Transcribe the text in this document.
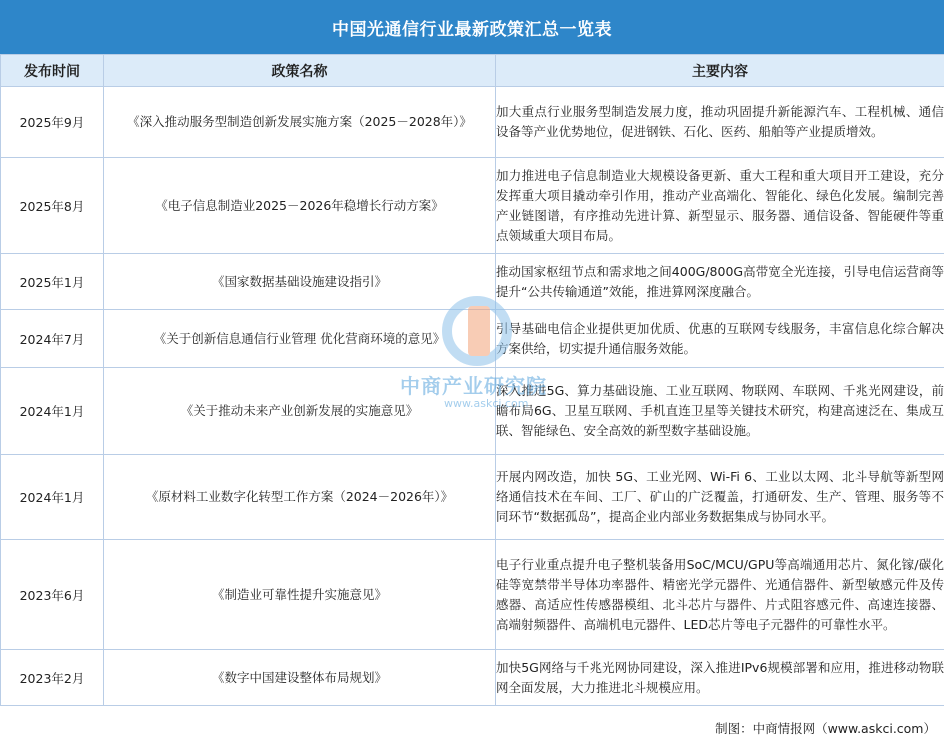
中国光通信行业最新政策汇总一览表
发布时间	政策名称	主要内容
2025年9月	《深入推动服务型制造创新发展实施方案（2025－2028年）》	加大重点行业服务型制造发展力度，推动巩固提升新能源汽车、工程机械、通信设备等产业优势地位，促进钢铁、石化、医药、船舶等产业提质增效。
2025年8月	《电子信息制造业2025－2026年稳增长行动方案》	加力推进电子信息制造业大规模设备更新、重大工程和重大项目开工建设，充分发挥重大项目撬动牵引作用，推动产业高端化、智能化、绿色化发展。编制完善产业链图谱，有序推动先进计算、新型显示、服务器、通信设备、智能硬件等重点领域重大项目布局。
2025年1月	《国家数据基础设施建设指引》	推动国家枢纽节点和需求地之间400G/800G高带宽全光连接，引导电信运营商等提升“公共传输通道”效能，推进算网深度融合。
2024年7月	《关于创新信息通信行业管理 优化营商环境的意见》	引导基础电信企业提供更加优质、优惠的互联网专线服务，丰富信息化综合解决方案供给，切实提升通信服务效能。
2024年1月	《关于推动未来产业创新发展的实施意见》	深入推进5G、算力基础设施、工业互联网、物联网、车联网、千兆光网建设，前瞻布局6G、卫星互联网、手机直连卫星等关键技术研究，构建高速泛在、集成互联、智能绿色、安全高效的新型数字基础设施。
2024年1月	《原材料工业数字化转型工作方案（2024－2026年）》	开展内网改造，加快 5G、工业光网、Wi-Fi 6、工业以太网、北斗导航等新型网络通信技术在车间、工厂、矿山的广泛覆盖，打通研发、生产、管理、服务等不同环节“数据孤岛”，提高企业内部业务数据集成与协同水平。
2023年6月	《制造业可靠性提升实施意见》	电子行业重点提升电子整机装备用SoC/MCU/GPU等高端通用芯片、氮化镓/碳化硅等宽禁带半导体功率器件、精密光学元器件、光通信器件、新型敏感元件及传感器、高适应性传感器模组、北斗芯片与器件、片式阻容感元件、高速连接器、高端射频器件、高端机电元器件、LED芯片等电子元器件的可靠性水平。
2023年2月	《数字中国建设整体布局规划》	加快5G网络与千兆光网协同建设，深入推进IPv6规模部署和应用，推进移动物联网全面发展，大力推进北斗规模应用。
中商产业研究院
www.askci.com
制图：中商情报网（www.askci.com）
